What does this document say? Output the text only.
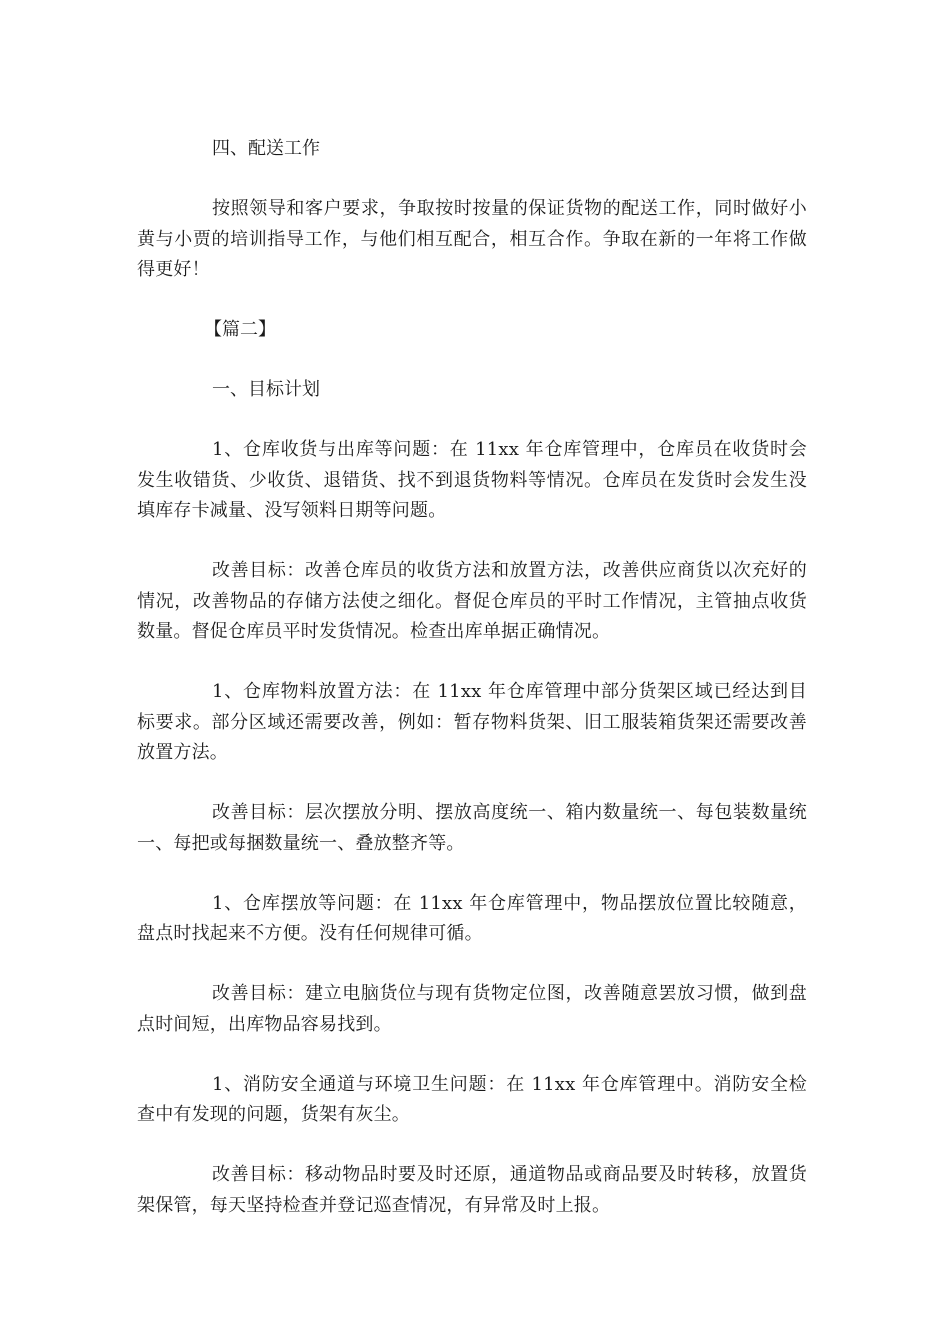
四、配送工作

按照领导和客户要求，争取按时按量的保证货物的配送工作，同时做好小黄与小贾的培训指导工作，与他们相互配合，相互合作。争取在新的一年将工作做得更好！

【篇二】

一、目标计划

1、仓库收货与出库等问题：在 11xx 年仓库管理中，仓库员在收货时会发生收错货、少收货、退错货、找不到退货物料等情况。仓库员在发货时会发生没填库存卡减量、没写领料日期等问题。

改善目标：改善仓库员的收货方法和放置方法，改善供应商货以次充好的情况，改善物品的存储方法使之细化。督促仓库员的平时工作情况，主管抽点收货数量。督促仓库员平时发货情况。检查出库单据正确情况。

1、仓库物料放置方法：在 11xx 年仓库管理中部分货架区域已经达到目标要求。部分区域还需要改善，例如：暂存物料货架、旧工服装箱货架还需要改善放置方法。

改善目标：层次摆放分明、摆放高度统一、箱内数量统一、每包装数量统一、每把或每捆数量统一、叠放整齐等。

1、仓库摆放等问题：在 11xx 年仓库管理中，物品摆放位置比较随意，盘点时找起来不方便。没有任何规律可循。

改善目标：建立电脑货位与现有货物定位图，改善随意罢放习惯，做到盘点时间短，出库物品容易找到。

1、消防安全通道与环境卫生问题：在 11xx 年仓库管理中。消防安全检查中有发现的问题，货架有灰尘。

改善目标：移动物品时要及时还原，通道物品或商品要及时转移，放置货架保管，每天坚持检查并登记巡查情况，有异常及时上报。
